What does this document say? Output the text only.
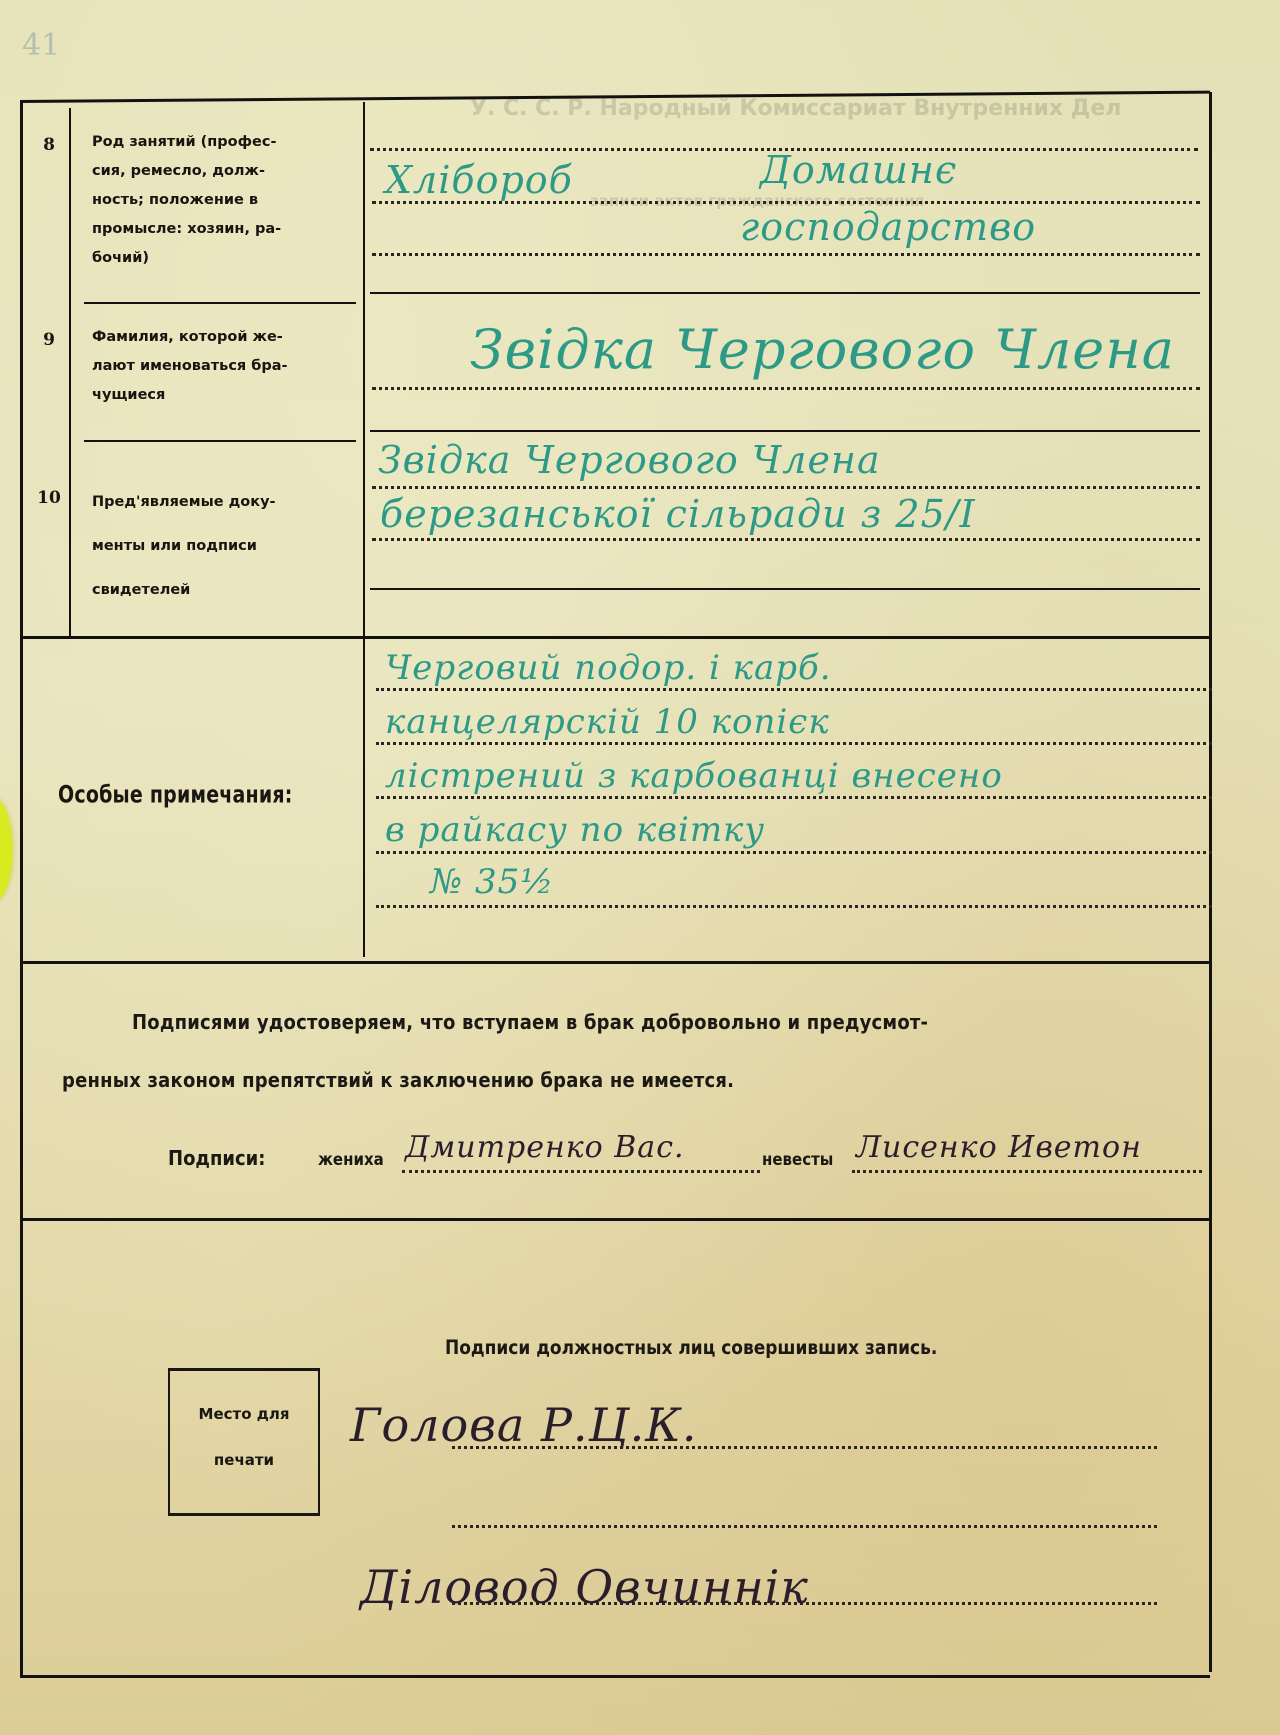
41
У. С. С. Р. Народный Комиссариат Внутренних Дел
записи актов гражданского состояния
8	Род занятий (профес-
сия, ремесло, долж-
ность; положение в
промысле: хозяин, ра-
бочий)
Хлібороб	Домашнє
господарство
9	Фамилия, которой же-
лают именоваться бра-
чущиеся
Звідка Чергового Члена
10	Пред'являемые доку-
менты или подписи
свидетелей
Звідка Чергового Члена
березанської сільради з 25/I
Особые примечания:
Черговий подор. і карб.
канцелярскій 10 копієк
лістрений з карбованці внесено
в райкасу по квітку
№ 35½
Подписями удостоверяем, что вступаем в брак добровольно и предусмот-
ренных законом препятствий к заключению брака не имеется.
Подписи:	жениха Дмитренко Вас.	невесты Лисенко Иветон
Подписи должностных лиц совершивших запись.
Место для
печати
Голова Р.Ц.К.
Діловод Овчиннік
